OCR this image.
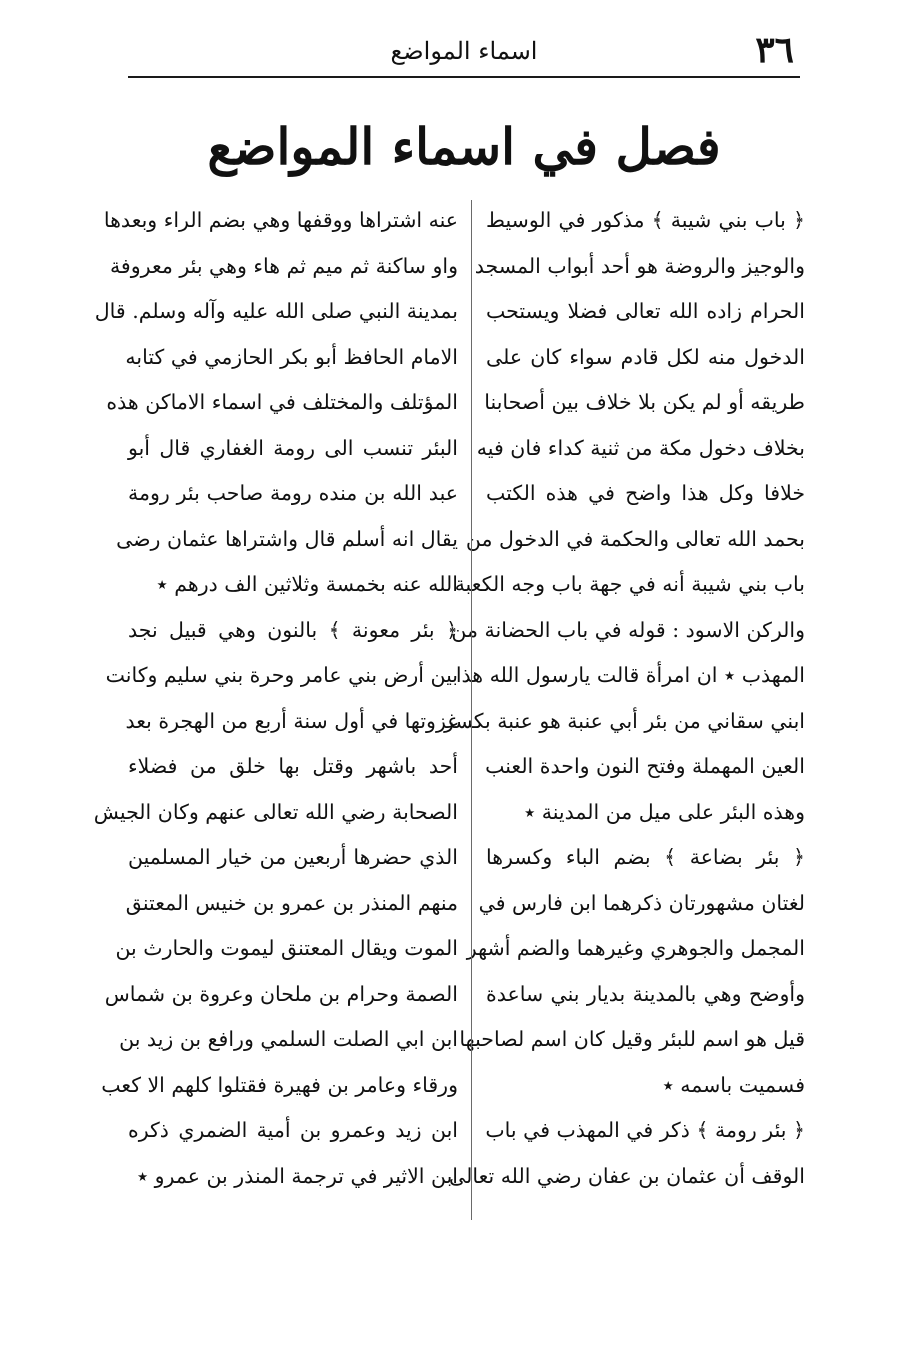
٣٦
اسماء المواضع
فصل في اسماء المواضع
﴿ باب بني شيبة ﴾ مذكور في الوسيط
والوجيز والروضة هو أحد أبواب المسجد
الحرام زاده الله تعالى فضلا ويستحب
الدخول منه لكل قادم سواء كان على
طريقه أو لم يكن بلا خلاف بين أصحابنا
بخلاف دخول مكة من ثنية كداء فان فيه
خلافا وكل هذا واضح في هذه الكتب
بحمد الله تعالى والحكمة في الدخول من
باب بني شيبة أنه في جهة باب وجه الكعبة
والركن الاسود : قوله في باب الحضانة من
المهذب ٭ ان امرأة قالت يارسول الله هذا
ابني سقاني من بئر أبي عنبة هو عنبة بكسر
العين المهملة وفتح النون واحدة العنب
وهذه البئر على ميل من المدينة ٭
﴿ بئر بضاعة ﴾ بضم الباء وكسرها
لغتان مشهورتان ذكرهما ابن فارس في
المجمل والجوهري وغيرهما والضم أشهر
وأوضح وهي بالمدينة بديار بني ساعدة
قيل هو اسم للبئر وقيل كان اسم لصاحبها
فسميت باسمه ٭
﴿ بئر رومة ﴾ ذكر في المهذب في باب
الوقف أن عثمان بن عفان رضي الله تعالى
عنه اشتراها ووقفها وهي بضم الراء وبعدها
واو ساكنة ثم ميم ثم هاء وهي بئر معروفة
بمدينة النبي صلى الله عليه وآله وسلم. قال
الامام الحافظ أبو بكر الحازمي في كتابه
المؤتلف والمختلف في اسماء الاماكن هذه
البئر تنسب الى رومة الغفاري قال أبو
عبد الله بن منده رومة صاحب بئر رومة
يقال انه أسلم قال واشتراها عثمان رضى
الله عنه بخمسة وثلاثين الف درهم ٭
﴿ بئر معونة ﴾ بالنون وهي قبيل نجد
بين أرض بني عامر وحرة بني سليم وكانت
غزوتها في أول سنة أربع من الهجرة بعد
أحد باشهر وقتل بها خلق من فضلاء
الصحابة رضي الله تعالى عنهم وكان الجيش
الذي حضرها أربعين من خيار المسلمين
منهم المنذر بن عمرو بن خنيس المعتنق
الموت ويقال المعتنق ليموت والحارث بن
الصمة وحرام بن ملحان وعروة بن شماس
ابن ابي الصلت السلمي ورافع بن زيد بن
ورقاء وعامر بن فهيرة فقتلوا كلهم الا كعب
ابن زيد وعمرو بن أمية الضمري ذكره
ابن الاثير في ترجمة المنذر بن عمرو ٭
